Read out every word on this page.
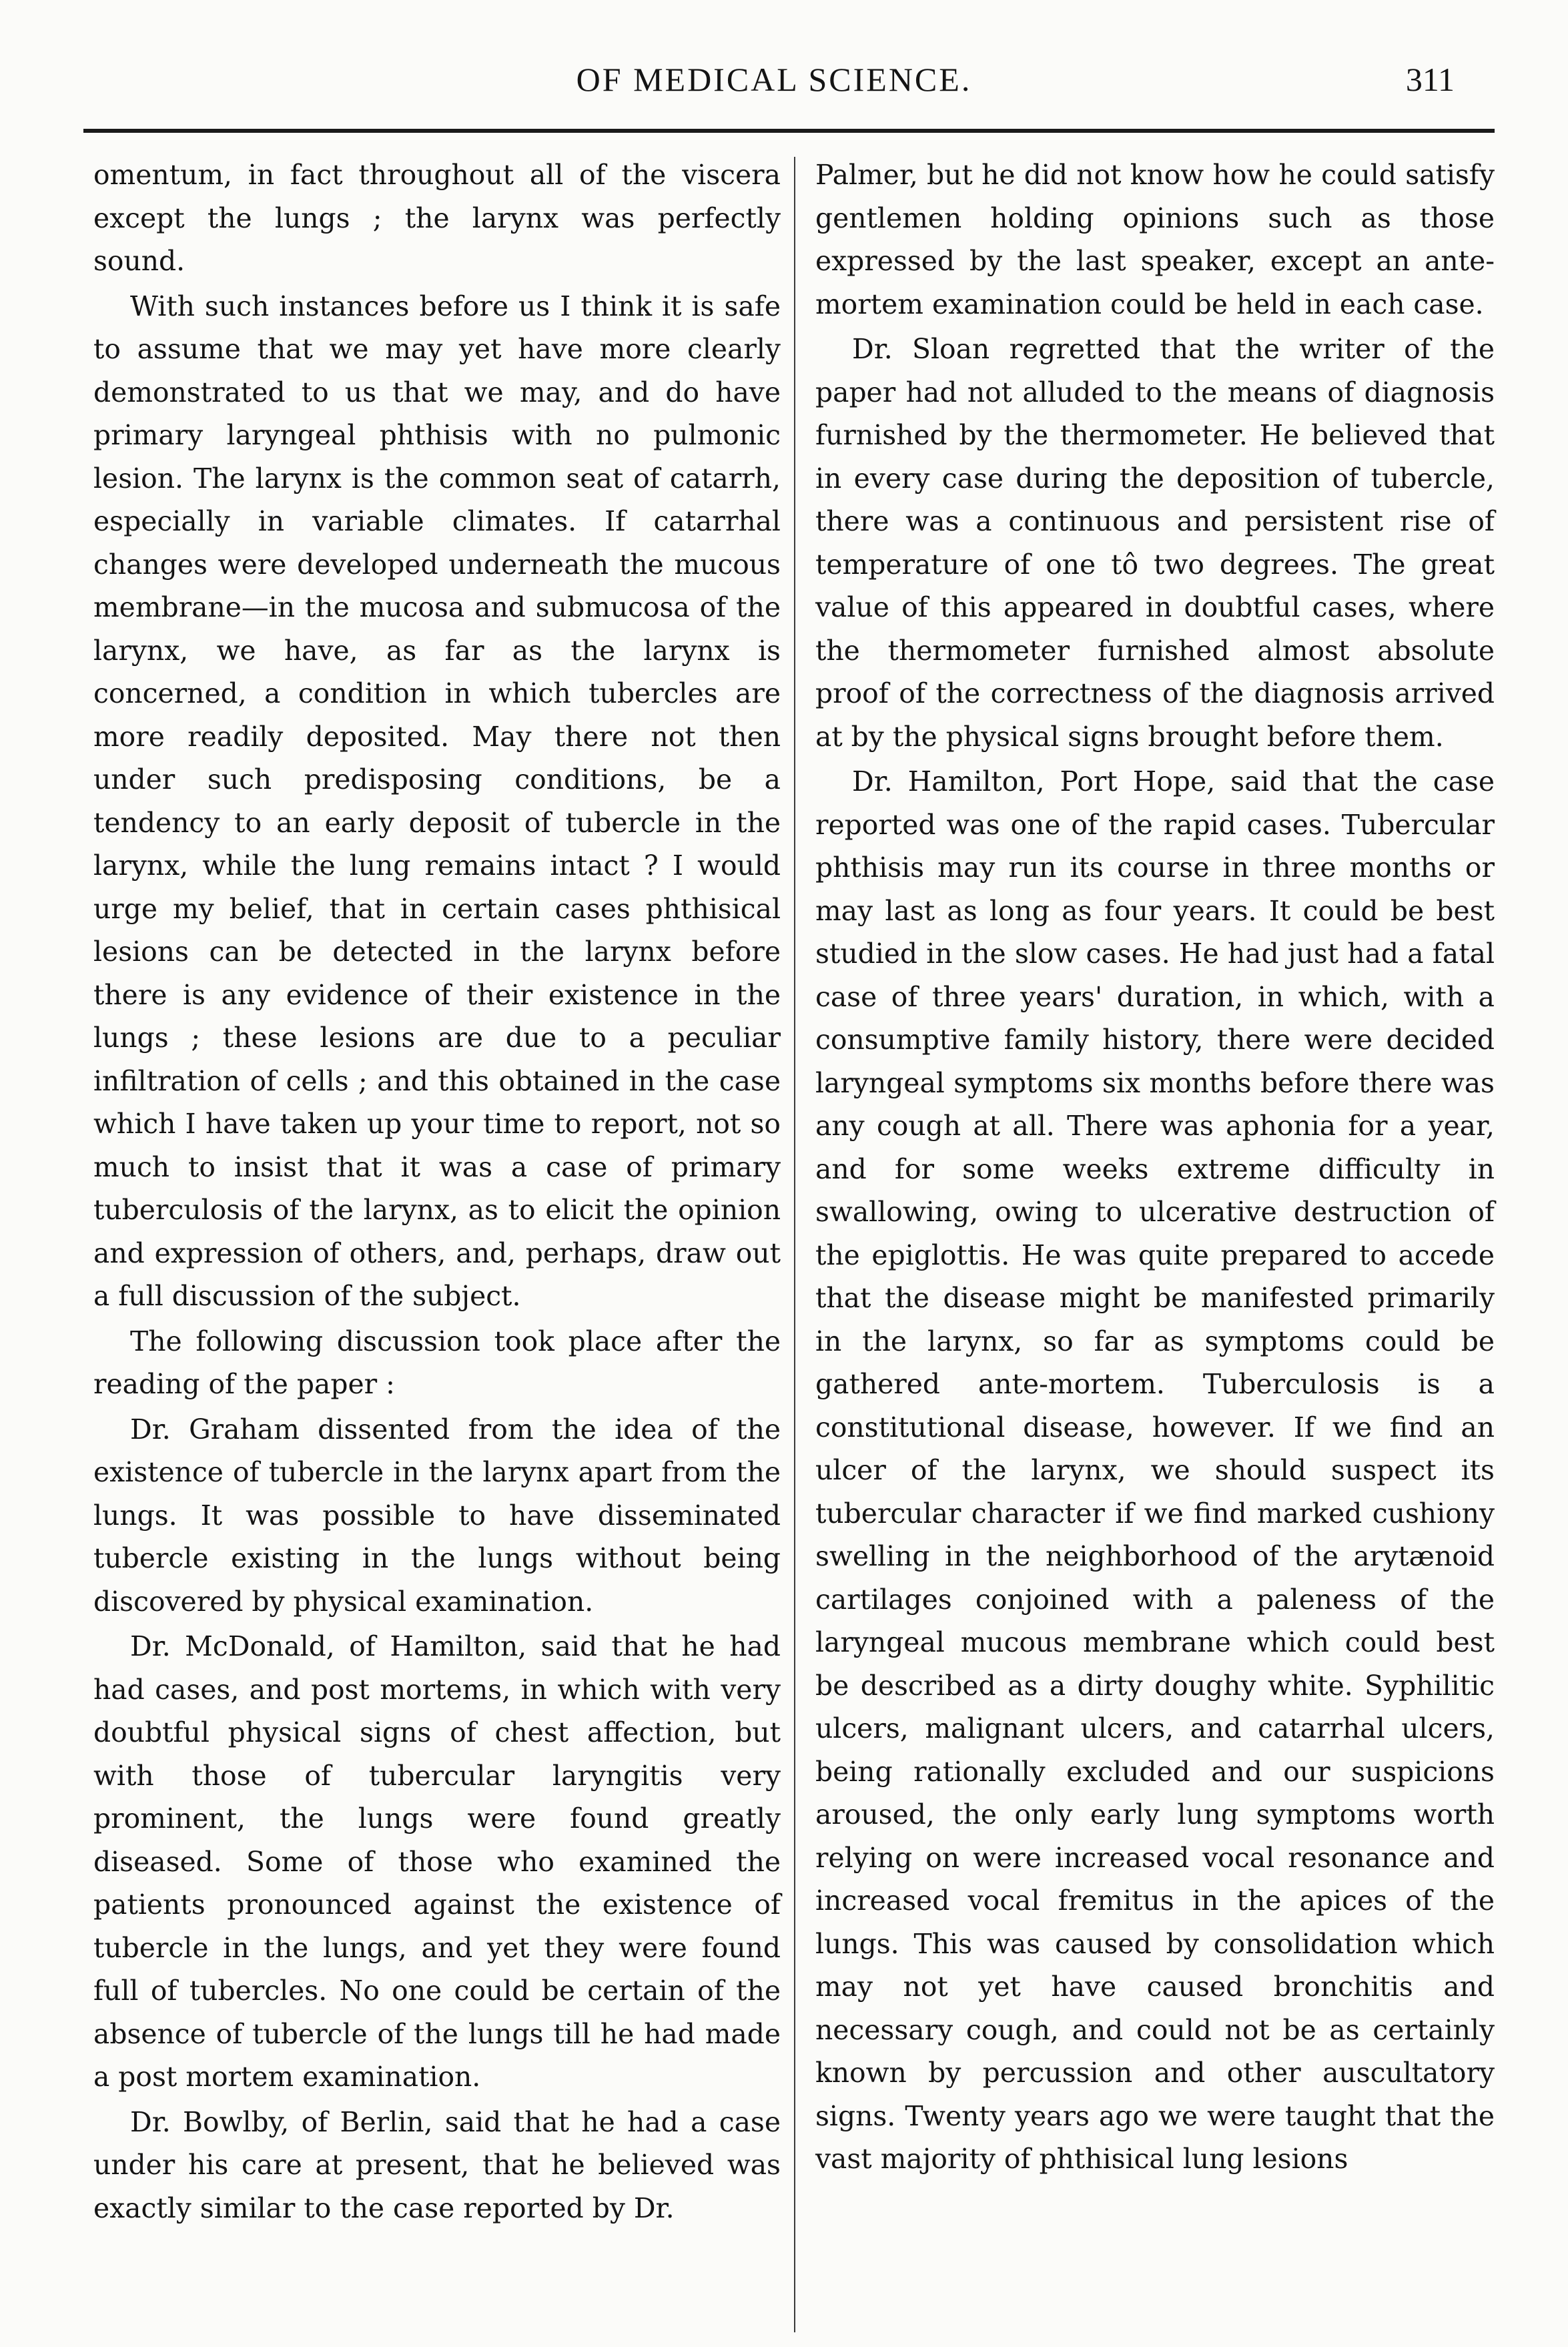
OF MEDICAL SCIENCE.	311

omentum, in fact throughout all of the viscera except the lungs ; the larynx was perfectly sound.

With such instances before us I think it is safe to assume that we may yet have more clearly demonstrated to us that we may, and do have primary laryngeal phthisis with no pulmonic lesion. The larynx is the common seat of catarrh, especially in variable climates. If catarrhal changes were developed underneath the mucous membrane—in the mucosa and submucosa of the larynx, we have, as far as the larynx is concerned, a condition in which tubercles are more readily deposited. May there not then under such predisposing conditions, be a tendency to an early deposit of tubercle in the larynx, while the lung remains intact ? I would urge my belief, that in certain cases phthisical lesions can be detected in the larynx before there is any evidence of their existence in the lungs ; these lesions are due to a peculiar infiltration of cells ; and this obtained in the case which I have taken up your time to report, not so much to insist that it was a case of primary tuberculosis of the larynx, as to elicit the opinion and expression of others, and, perhaps, draw out a full discussion of the subject.

The following discussion took place after the reading of the paper :

Dr. Graham dissented from the idea of the existence of tubercle in the larynx apart from the lungs. It was possible to have disseminated tubercle existing in the lungs without being discovered by physical examination.

Dr. McDonald, of Hamilton, said that he had had cases, and post mortems, in which with very doubtful physical signs of chest affection, but with those of tubercular laryngitis very prominent, the lungs were found greatly diseased. Some of those who examined the patients pronounced against the existence of tubercle in the lungs, and yet they were found full of tubercles. No one could be certain of the absence of tubercle of the lungs till he had made a post mortem examination.

Dr. Bowlby, of Berlin, said that he had a case under his care at present, that he believed was exactly similar to the case reported by Dr.

Palmer, but he did not know how he could satisfy gentlemen holding opinions such as those expressed by the last speaker, except an ante-mortem examination could be held in each case.

Dr. Sloan regretted that the writer of the paper had not alluded to the means of diagnosis furnished by the thermometer. He believed that in every case during the deposition of tubercle, there was a continuous and persistent rise of temperature of one tô two degrees. The great value of this appeared in doubtful cases, where the thermometer furnished almost absolute proof of the correctness of the diagnosis arrived at by the physical signs brought before them.

Dr. Hamilton, Port Hope, said that the case reported was one of the rapid cases. Tubercular phthisis may run its course in three months or may last as long as four years. It could be best studied in the slow cases. He had just had a fatal case of three years' duration, in which, with a consumptive family history, there were decided laryngeal symptoms six months before there was any cough at all. There was aphonia for a year, and for some weeks extreme difficulty in swallowing, owing to ulcerative destruction of the epiglottis. He was quite prepared to accede that the disease might be manifested primarily in the larynx, so far as symptoms could be gathered ante-mortem. Tuberculosis is a constitutional disease, however. If we find an ulcer of the larynx, we should suspect its tubercular character if we find marked cushiony swelling in the neighborhood of the arytænoid cartilages conjoined with a paleness of the laryngeal mucous membrane which could best be described as a dirty doughy white. Syphilitic ulcers, malignant ulcers, and catarrhal ulcers, being rationally excluded and our suspicions aroused, the only early lung symptoms worth relying on were increased vocal resonance and increased vocal fremitus in the apices of the lungs. This was caused by consolidation which may not yet have caused bronchitis and necessary cough, and could not be as certainly known by percussion and other auscultatory signs. Twenty years ago we were taught that the vast majority of phthisical lung lesions
